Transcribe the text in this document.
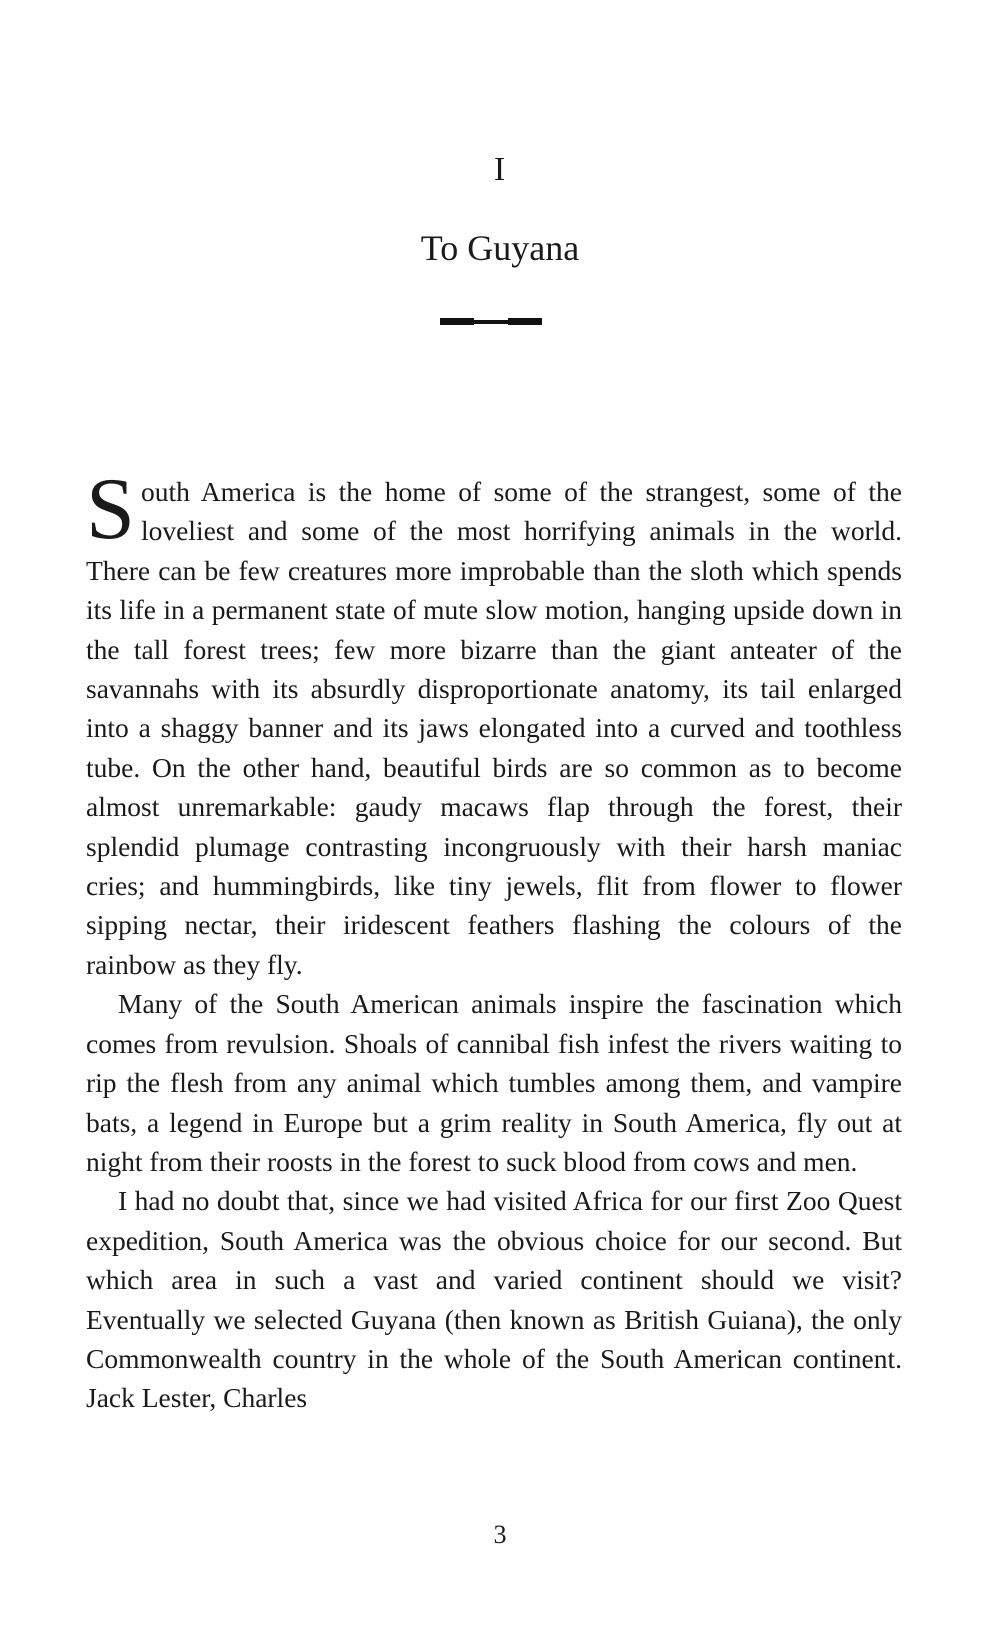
I
To Guyana

South America is the home of some of the strangest, some of the loveliest and some of the most horrifying animals in the world. There can be few creatures more improbable than the sloth which spends its life in a permanent state of mute slow motion, hanging upside down in the tall forest trees; few more bizarre than the giant anteater of the savannahs with its absurdly disproportionate anatomy, its tail enlarged into a shaggy banner and its jaws elongated into a curved and toothless tube. On the other hand, beautiful birds are so common as to become almost unremarkable: gaudy macaws flap through the forest, their splendid plumage contrasting incongruously with their harsh maniac cries; and hummingbirds, like tiny jewels, flit from flower to flower sipping nectar, their iridescent feathers flashing the colours of the rainbow as they fly.

Many of the South American animals inspire the fascination which comes from revulsion. Shoals of cannibal fish infest the rivers waiting to rip the flesh from any animal which tumbles among them, and vampire bats, a legend in Europe but a grim reality in South America, fly out at night from their roosts in the forest to suck blood from cows and men.

I had no doubt that, since we had visited Africa for our first Zoo Quest expedition, South America was the obvious choice for our second. But which area in such a vast and varied continent should we visit? Eventually we selected Guyana (then known as British Guiana), the only Commonwealth country in the whole of the South American continent. Jack Lester, Charles

3
